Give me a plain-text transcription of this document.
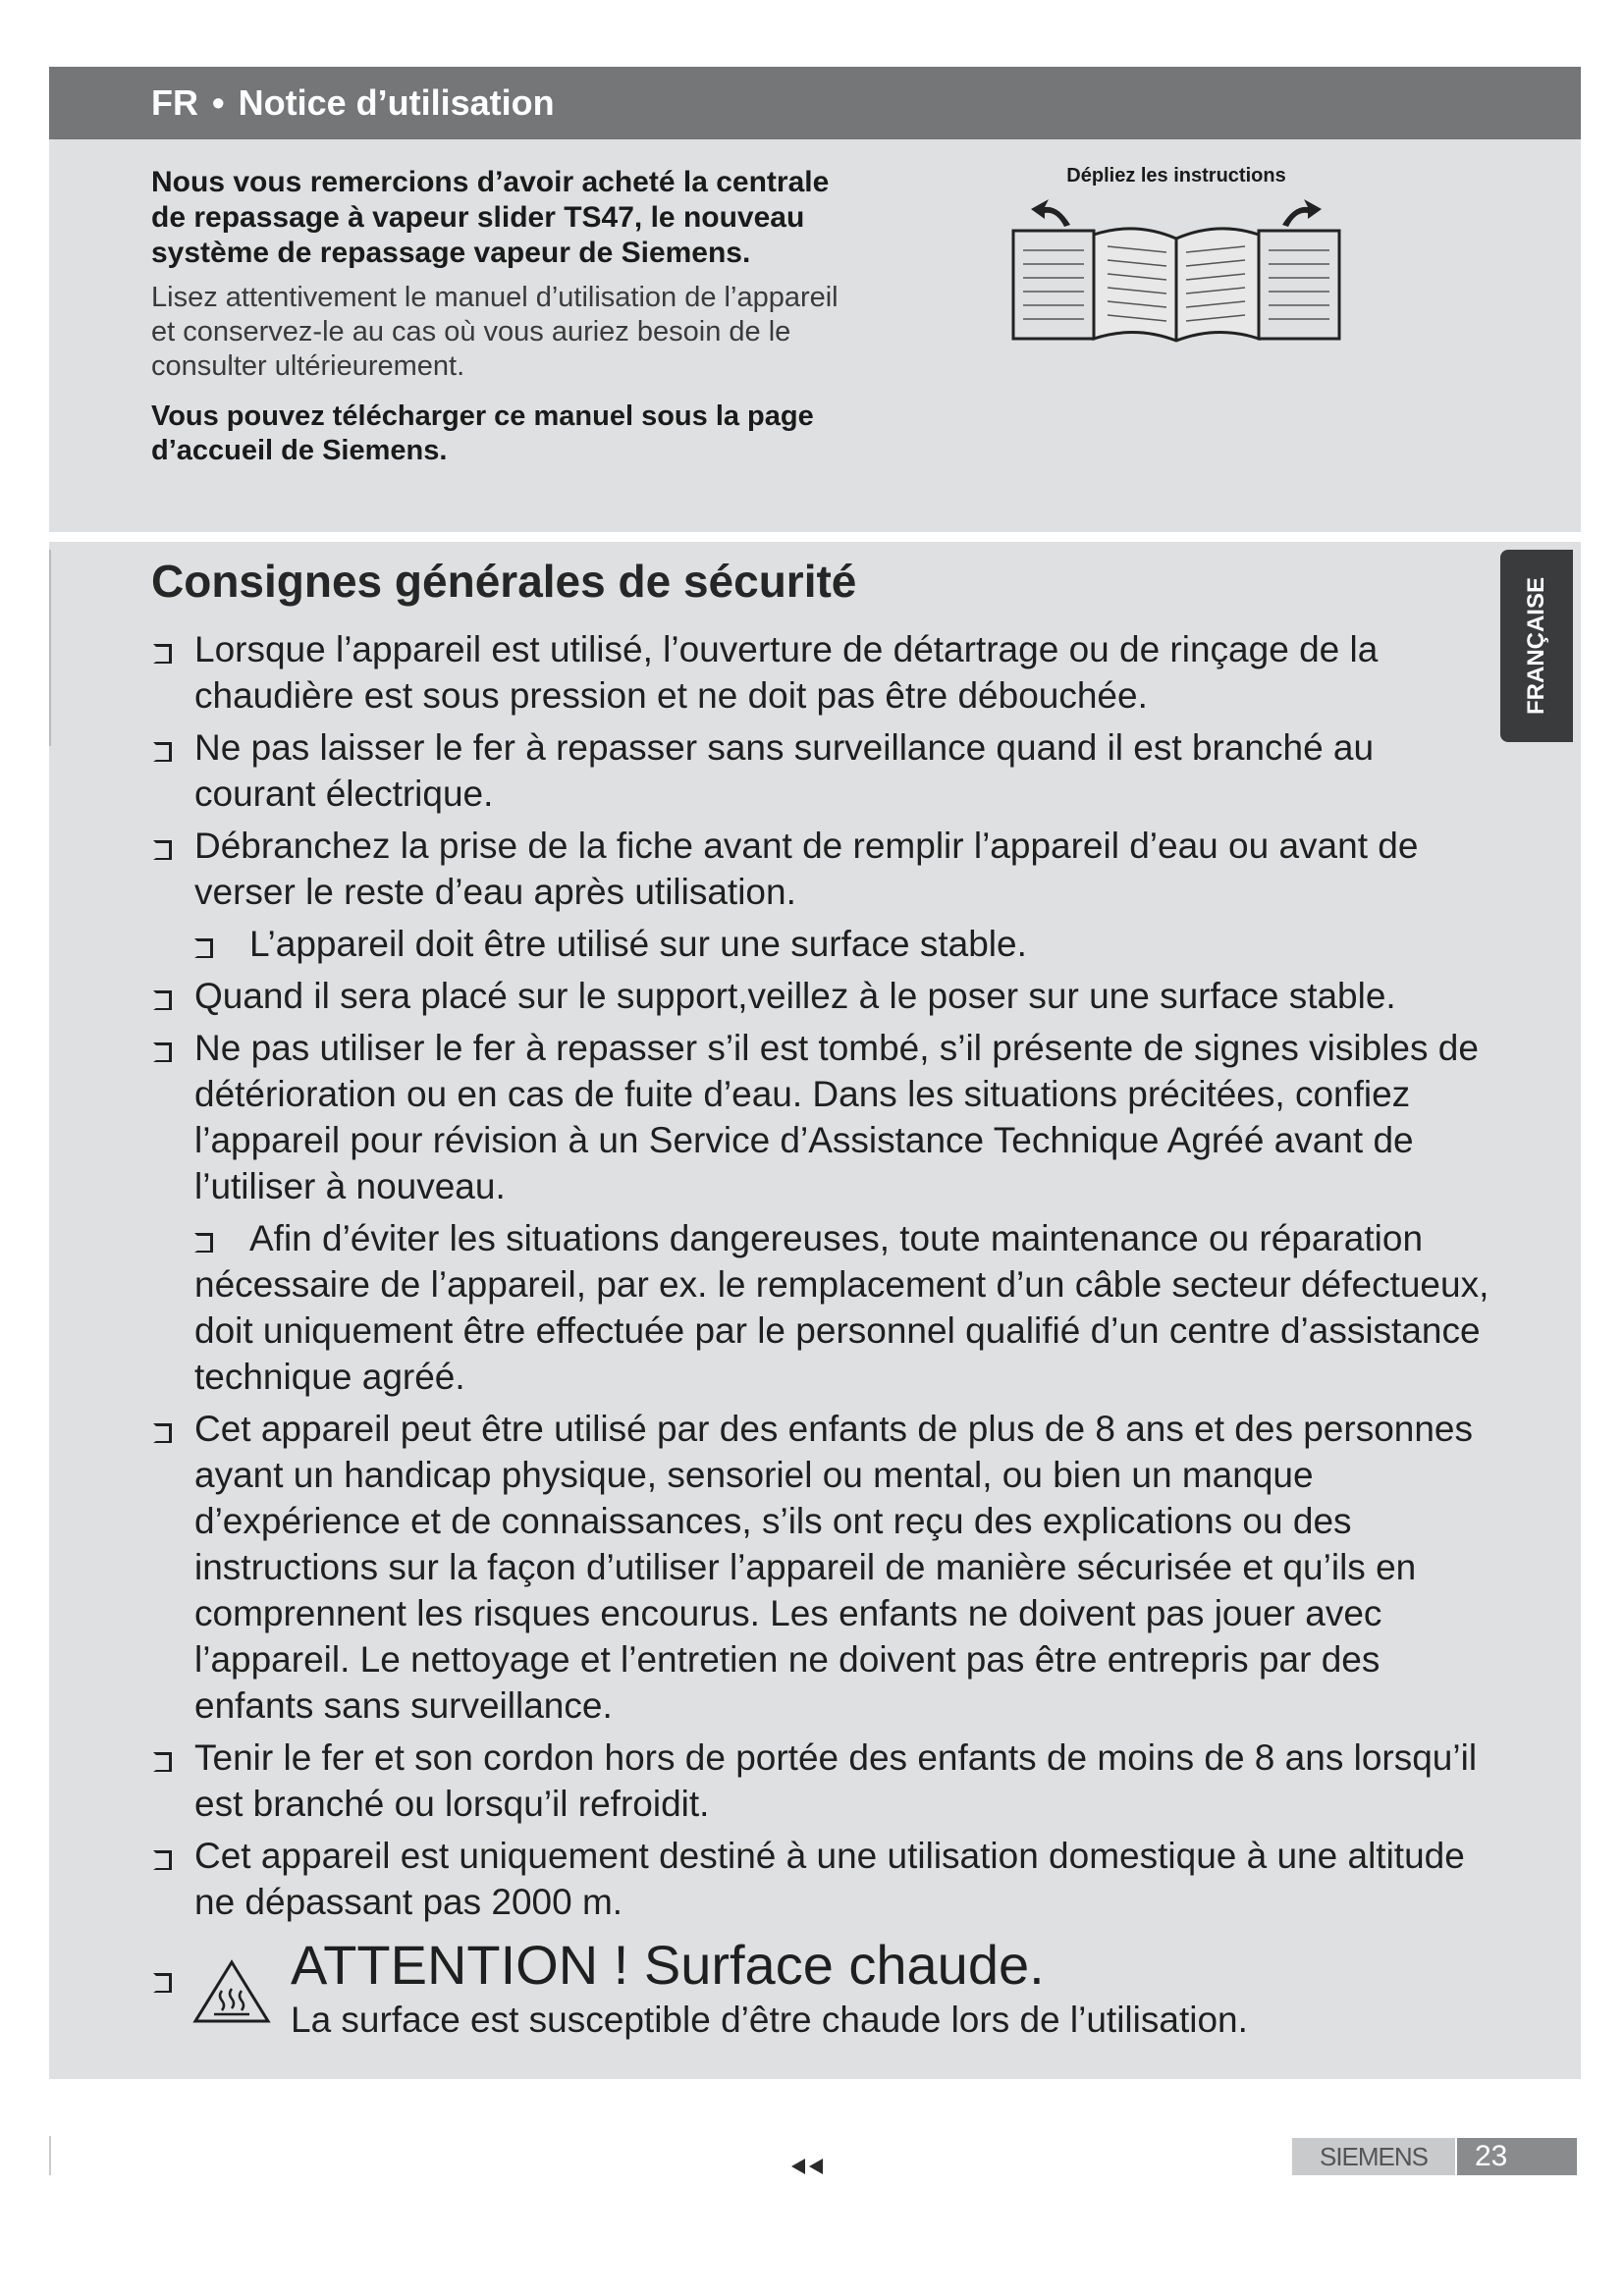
FR • Notice d’utilisation

Nous vous remercions d’avoir acheté la centrale de repassage à vapeur slider TS47, le nouveau système de repassage vapeur de Siemens.

Lisez attentivement le manuel d’utilisation de l’appareil et conservez-le au cas où vous auriez besoin de le consulter ultérieurement.

Vous pouvez télécharger ce manuel sous la page d’accueil de Siemens.

Dépliez les instructions
Consignes générales de sécurité
Lorsque l’appareil est utilisé, l’ouverture de détartrage ou de rinçage de la chaudière est sous pression et ne doit pas être débouchée.
Ne pas laisser le fer à repasser sans surveillance quand il est branché au courant électrique.
Débranchez la prise de la fiche avant de remplir l’appareil d’eau ou avant de verser le reste d’eau après utilisation.
L’appareil doit être utilisé sur une surface stable.
Quand il sera placé sur le support,veillez à le poser sur une surface stable.
Ne pas utiliser le fer à repasser s’il est tombé, s’il présente de signes visibles de détérioration ou en cas de fuite d’eau. Dans les situations précitées, confiez l’appareil pour révision à un Service d’Assistance Technique Agréé avant de l’utiliser à nouveau.
Afin d’éviter les situations dangereuses, toute maintenance ou réparation nécessaire de l’appareil, par ex. le remplacement d’un câble secteur défectueux, doit uniquement être effectuée par le personnel qualifié d’un centre d’assistance technique agréé.
Cet appareil peut être utilisé par des enfants de plus de 8 ans et des personnes ayant un handicap physique, sensoriel ou mental, ou bien un manque d’expérience et de connaissances, s’ils ont reçu des explications ou des instructions sur la façon d’utiliser l’appareil de manière sécurisée et qu’ils en comprennent les risques encourus. Les enfants ne doivent pas jouer avec l’appareil. Le nettoyage et l’entretien ne doivent pas être entrepris par des enfants sans surveillance.
Tenir le fer et son cordon hors de portée des enfants de moins de 8 ans lorsqu’il est branché ou lorsqu’il refroidit.
Cet appareil est uniquement destiné à une utilisation domestique à une altitude ne dépassant pas 2000 m.
ATTENTION ! Surface chaude.
La surface est susceptible d’être chaude lors de l’utilisation.
FRANÇAISE
SIEMENS	23
